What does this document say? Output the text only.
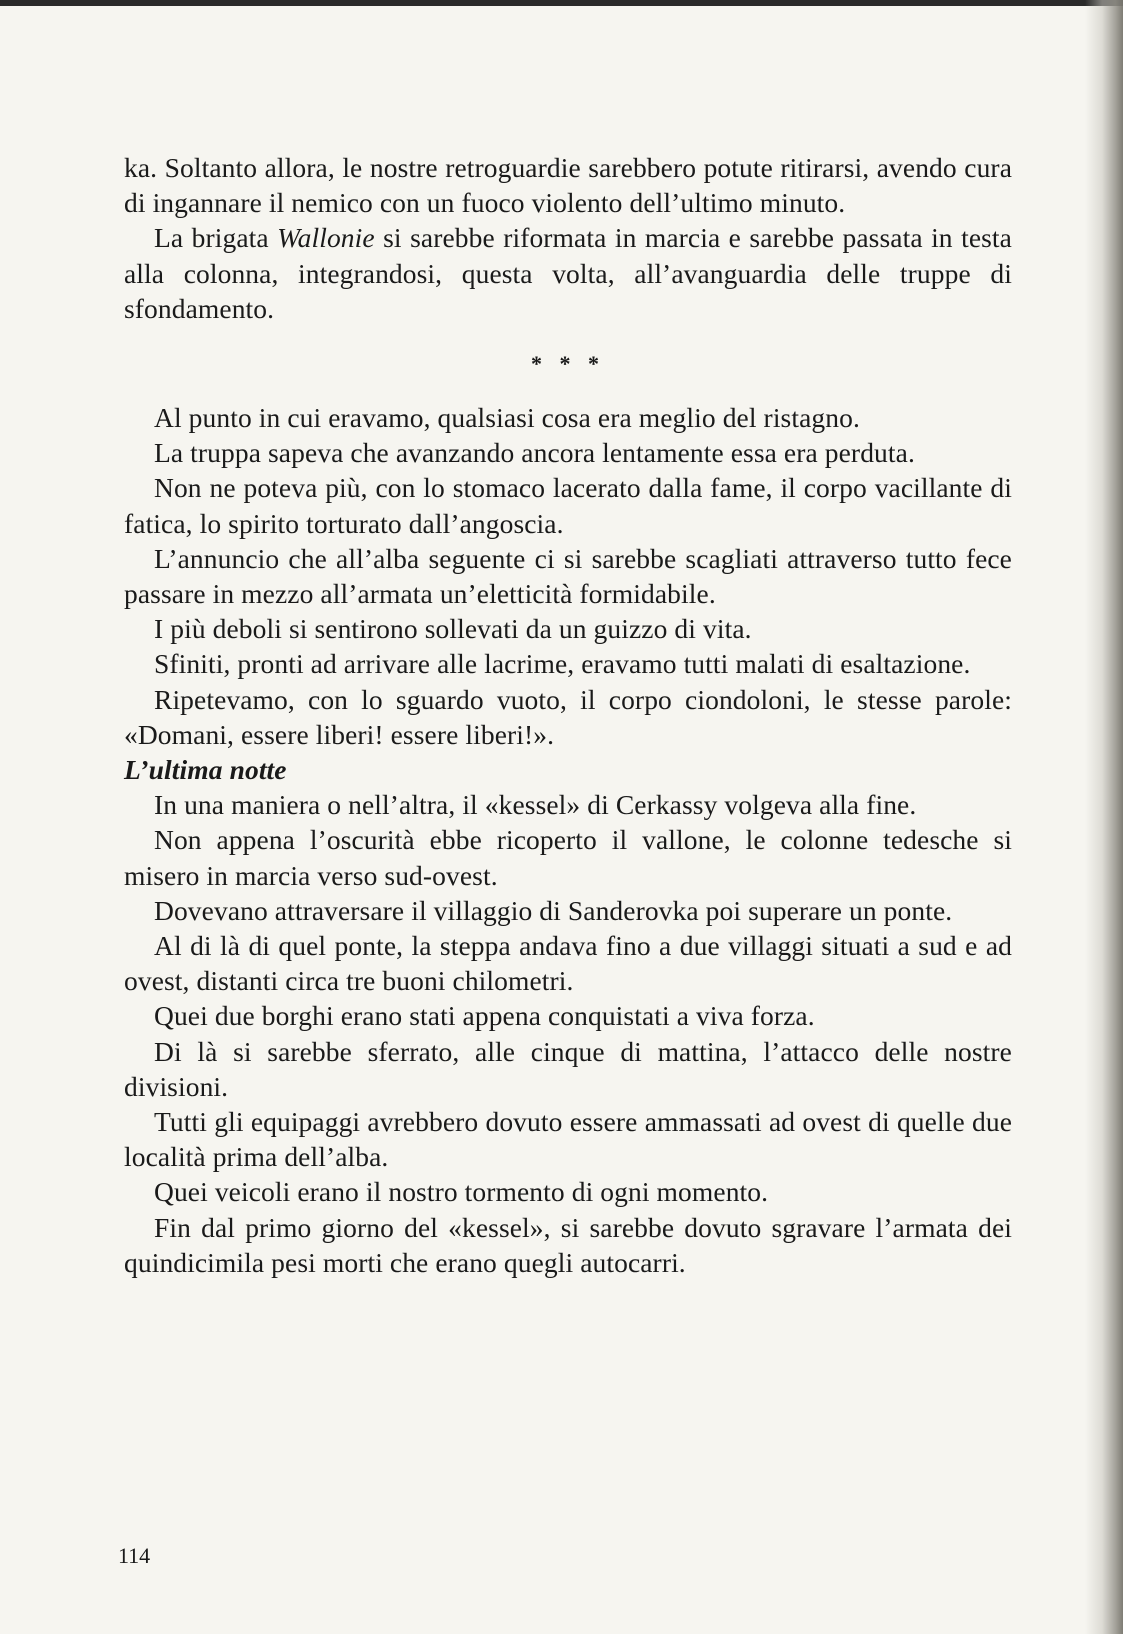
ka. Soltanto allora, le nostre retroguardie sarebbero potute ritirarsi, avendo cura di ingannare il nemico con un fuoco violento dell’ultimo minuto.

La brigata Wallonie si sarebbe riformata in marcia e sarebbe passata in testa alla colonna, integrandosi, questa volta, all’avanguardia delle truppe di sfondamento.

* * *

Al punto in cui eravamo, qualsiasi cosa era meglio del ristagno.

La truppa sapeva che avanzando ancora lentamente essa era perduta.

Non ne poteva più, con lo stomaco lacerato dalla fame, il corpo vacillante di fatica, lo spirito torturato dall’angoscia.

L’annuncio che all’alba seguente ci si sarebbe scagliati attraverso tutto fece passare in mezzo all’armata un’eletticità formidabile.

I più deboli si sentirono sollevati da un guizzo di vita.

Sfiniti, pronti ad arrivare alle lacrime, eravamo tutti malati di esaltazione.

Ripetevamo, con lo sguardo vuoto, il corpo ciondoloni, le stesse parole: «Domani, essere liberi! essere liberi!».

L’ultima notte

In una maniera o nell’altra, il «kessel» di Cerkassy volgeva alla fine.

Non appena l’oscurità ebbe ricoperto il vallone, le colonne tedesche si misero in marcia verso sud-ovest.

Dovevano attraversare il villaggio di Sanderovka poi superare un ponte.

Al di là di quel ponte, la steppa andava fino a due villaggi situati a sud e ad ovest, distanti circa tre buoni chilometri.

Quei due borghi erano stati appena conquistati a viva forza.

Di là si sarebbe sferrato, alle cinque di mattina, l’attacco delle nostre divisioni.

Tutti gli equipaggi avrebbero dovuto essere ammassati ad ovest di quelle due località prima dell’alba.

Quei veicoli erano il nostro tormento di ogni momento.

Fin dal primo giorno del «kessel», si sarebbe dovuto sgravare l’armata dei quindicimila pesi morti che erano quegli autocarri.

114
